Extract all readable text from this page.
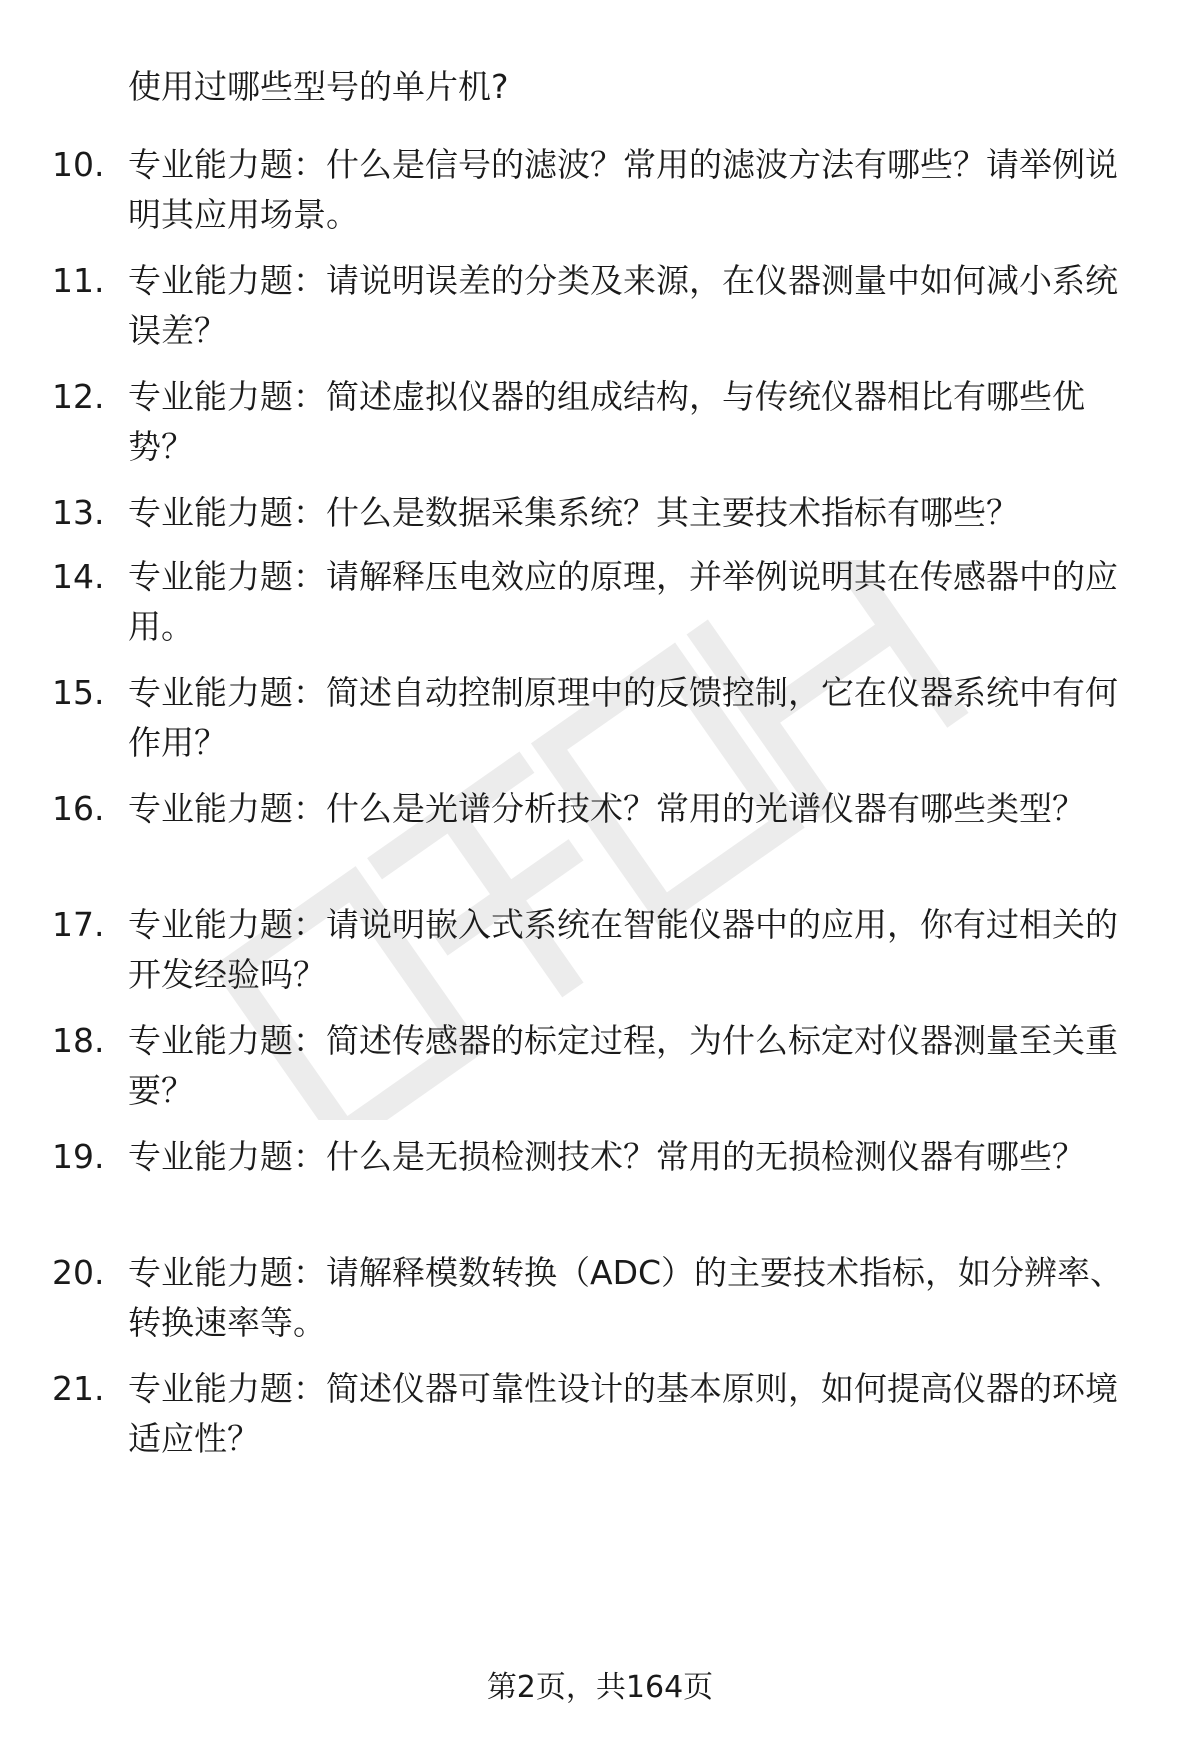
使用过哪些型号的单片机?

10. 专业能力题：什么是信号的滤波？常用的滤波方法有哪些？请举例说明其应用场景。

11. 专业能力题：请说明误差的分类及来源，在仪器测量中如何减小系统误差？

12. 专业能力题：简述虚拟仪器的组成结构，与传统仪器相比有哪些优势？

13. 专业能力题：什么是数据采集系统？其主要技术指标有哪些？

14. 专业能力题：请解释压电效应的原理，并举例说明其在传感器中的应用。

15. 专业能力题：简述自动控制原理中的反馈控制，它在仪器系统中有何作用？

16. 专业能力题：什么是光谱分析技术？常用的光谱仪器有哪些类型？

17. 专业能力题：请说明嵌入式系统在智能仪器中的应用，你有过相关的开发经验吗？

18. 专业能力题：简述传感器的标定过程，为什么标定对仪器测量至关重要？

19. 专业能力题：什么是无损检测技术？常用的无损检测仪器有哪些？

20. 专业能力题：请解释模数转换（ADC）的主要技术指标，如分辨率、转换速率等。

21. 专业能力题：简述仪器可靠性设计的基本原则，如何提高仪器的环境适应性？

第2页，共164页
